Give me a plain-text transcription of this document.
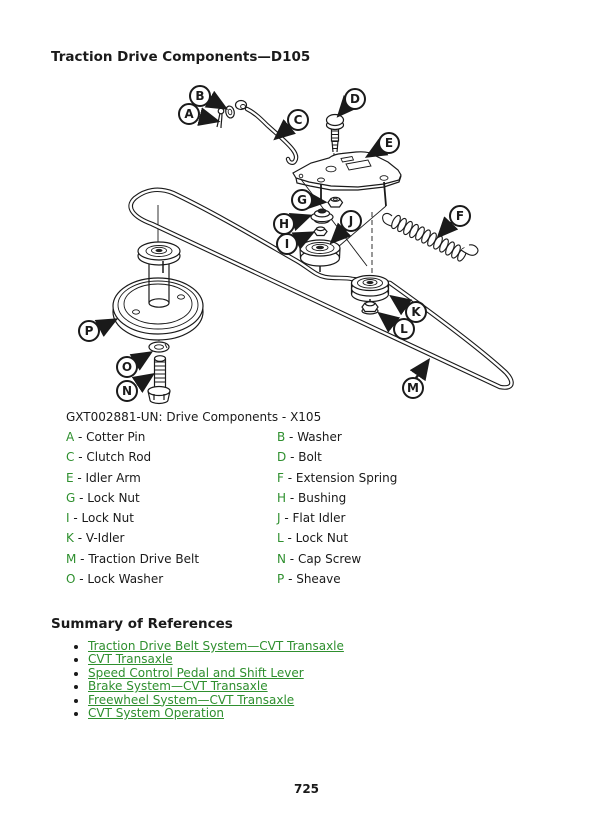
Traction Drive Components—D105
A
B
C
D
E
F
G
H
I
J
K
L
M
N
O
P
GXT002881-UN: Drive Components - X105
A - Cotter Pin	B - Washer
C - Clutch Rod	D - Bolt
E - Idler Arm	F - Extension Spring
G - Lock Nut	H - Bushing
I - Lock Nut	J - Flat Idler
K - V-Idler	L - Lock Nut
M - Traction Drive Belt	N - Cap Screw
O - Lock Washer	P - Sheave
Summary of References
• Traction Drive Belt System—CVT Transaxle
• CVT Transaxle
• Speed Control Pedal and Shift Lever
• Brake System—CVT Transaxle
• Freewheel System—CVT Transaxle
• CVT System Operation
725
